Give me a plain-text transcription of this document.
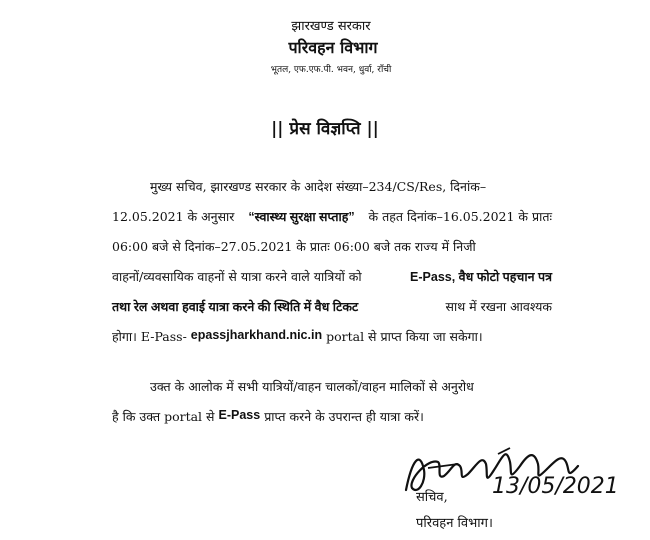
झारखण्ड सरकार
परिवहन विभाग
भूतल, एफ.एफ.पी. भवन, धुर्वा, राँची
|| प्रेस विज्ञप्ति ||
मुख्य सचिव, झारखण्ड सरकार के आदेश संख्या–234/CS/Res, दिनांक–
12.05.2021 के अनुसार “स्वास्थ्य सुरक्षा सप्ताह” के तहत दिनांक–16.05.2021 के प्रातः
06:00 बजे से दिनांक–27.05.2021 के प्रातः 06:00 बजे तक राज्य में निजी
वाहनों/व्यवसायिक वाहनों से यात्रा करने वाले यात्रियों को	E-Pass, वैध फोटो पहचान पत्र
तथा रेल अथवा हवाई यात्रा करने की स्थिति में वैध टिकट	साथ में रखना आवश्यक
होगा। E-Pass- epassjharkhand.nic.in portal से प्राप्त किया जा सकेगा।
उक्त के आलोक में सभी यात्रियों/वाहन चालकों/वाहन मालिकों से अनुरोध
है कि उक्त portal से E-Pass प्राप्त करने के उपरान्त ही यात्रा करें।
13/05/2021
सचिव,
परिवहन विभाग।
